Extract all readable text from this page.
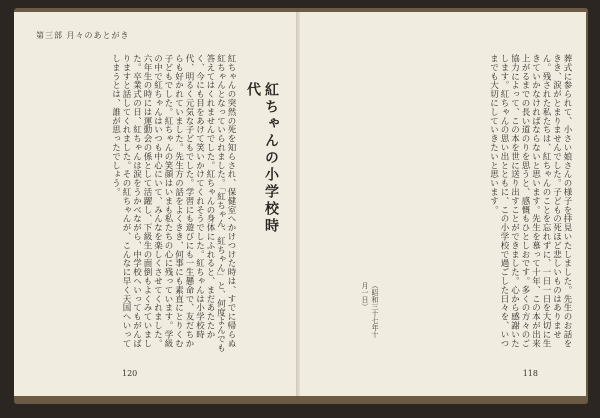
第三部 月々のあとがき
紅ちゃんの小学校時代
紅ちゃんの突然の死を知らされ、保健室へかけつけた時は、すでに帰らぬ紅ちゃんとなっていられました。「紅ちゃん、紅ちゃん」と、何度よんでも答えてはくれませんでした。紅ちゃんの身体にふれると、まだあたたかく、今にも目をあけて笑いかけてくれそうでした。紅ちゃんは小学校時代、明るく元気な子どもでした。学習にも遊びにも一生懸命で、友だちからも好かれていました。先生方の話をよくきき、何事にも素直にとりくむ子どもでした。紅ちゃんの笑顔はいまも私たちの心に残っています。学級の中で紅ちゃんはいつも中心にいて、みんなを楽しくさせてくれました。六年生の時には運動会の係として活躍し、下級生の面倒もよくみていました。卒業式の日、紅ちゃんは涙をうかべながら、中学校へいってもがんばりますと話してくれました。その紅ちゃんが、こんなに早く天国へいってしまうとは、誰が思ったでしょう。
120
葬式に参られて、小さい娘さんの様子を拝見いたしました。先生のお話をきき、涙がとまりませんでした。子どもの死ほど悲しいものはありません。残された私たちは、紅ちゃんのことを忘れずに、一日一日を大切に生きていかなければならないと思います。先生を慕って十年、この本が出来上がるまでの長い道のりを思うと、感慨もひとしおです。多くの方々のご協力によって、この本を世に送り出すことができました。心から感謝いたします。紅ちゃんの思い出とともに、この小学校で過ごした日々を、いつまでも大切にしていきたいと思います。
（昭和三十七年十月一日）
118
